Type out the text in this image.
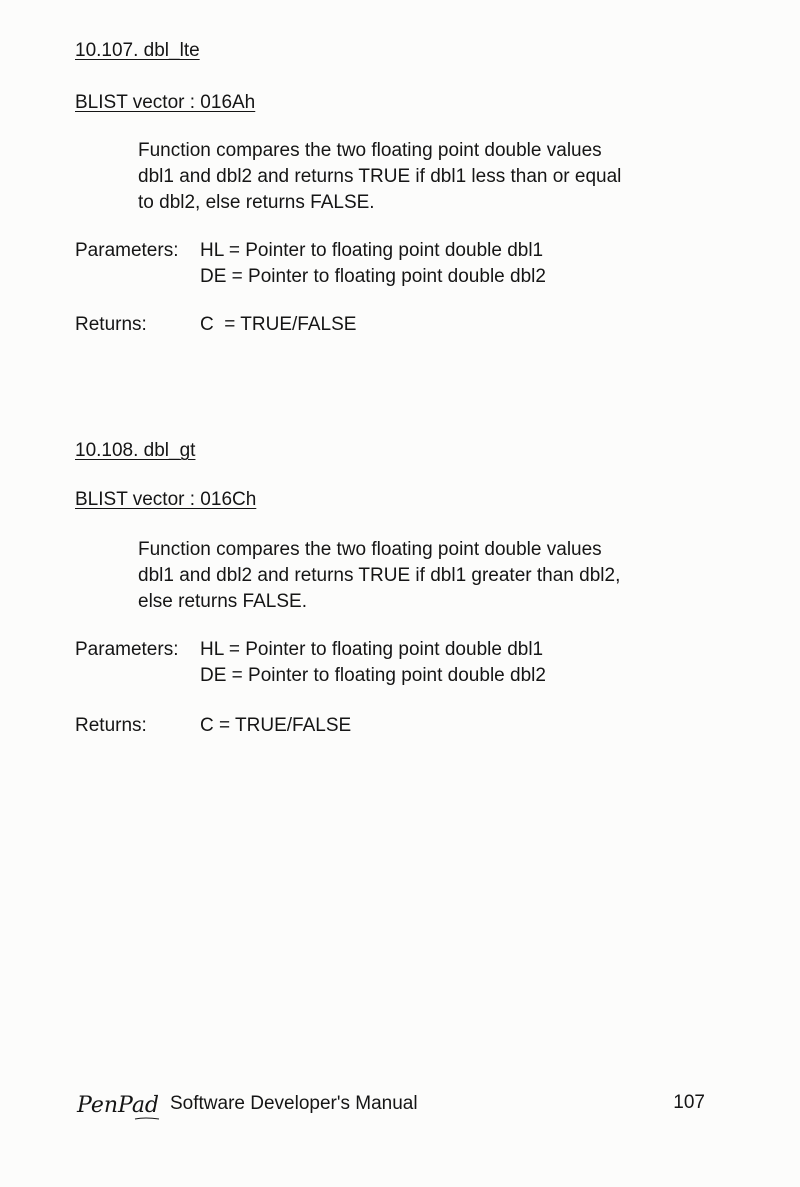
10.107. dbl_lte
BLIST vector : 016Ah
Function compares the two floating point double values
dbl1 and dbl2 and returns TRUE if dbl1 less than or equal
to dbl2, else returns FALSE.
Parameters: HL = Pointer to floating point double dbl1
DE = Pointer to floating point double dbl2
Returns:	C  = TRUE/FALSE
10.108. dbl_gt
BLIST vector : 016Ch
Function compares the two floating point double values
dbl1 and dbl2 and returns TRUE if dbl1 greater than dbl2,
else returns FALSE.
Parameters: HL = Pointer to floating point double dbl1
DE = Pointer to floating point double dbl2
Returns:	C = TRUE/FALSE
PenPad Software Developer's Manual	107
